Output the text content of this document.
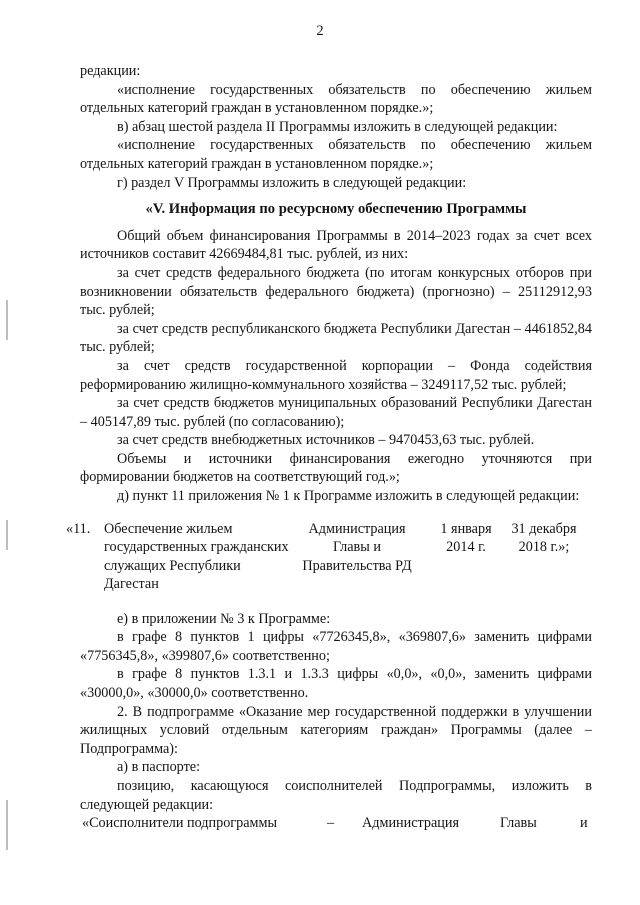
2

редакции:

«исполнение государственных обязательств по обеспечению жильем отдельных категорий граждан в установленном порядке.»;

в) абзац шестой раздела II Программы изложить в следующей редакции:

«исполнение государственных обязательств по обеспечению жильем отдельных категорий граждан в установленном порядке.»;

г) раздел V Программы изложить в следующей редакции:

«V. Информация по ресурсному обеспечению Программы

Общий объем финансирования Программы в 2014–2023 годах за счет всех источников составит 42669484,81 тыс. рублей, из них:

за счет средств федерального бюджета (по итогам конкурсных отборов при возникновении обязательств федерального бюджета) (прогнозно) – 25112912,93 тыс. рублей;

за счет средств республиканского бюджета Республики Дагестан – 4461852,84 тыс. рублей;

за счет средств государственной корпорации – Фонда содействия реформированию жилищно-коммунального хозяйства – 3249117,52 тыс. рублей;

за счет средств бюджетов муниципальных образований Республики Дагестан – 405147,89 тыс. рублей (по согласованию);

за счет средств внебюджетных источников – 9470453,63 тыс. рублей.

Объемы и источники финансирования ежегодно уточняются при формировании бюджетов на соответствующий год.»;

д) пункт 11 приложения № 1 к Программе изложить в следующей редакции:

«11. Обеспечение жильем государственных гражданских служащих Республики Дагестан
Администрация Главы и Правительства РД
1 января 2014 г.
31 декабря 2018 г.»;

е) в приложении № 3 к Программе:

в графе 8 пунктов 1 цифры «7726345,8», «369807,6» заменить цифрами «7756345,8», «399807,6» соответственно;

в графе 8 пунктов 1.3.1 и 1.3.3 цифры «0,0», «0,0», заменить цифрами «30000,0», «30000,0» соответственно.

2. В подпрограмме «Оказание мер государственной поддержки в улучшении жилищных условий отдельным категориям граждан» Программы (далее – Подпрограмма):

а) в паспорте:

позицию, касающуюся соисполнителей Подпрограммы, изложить в следующей редакции:

«Соисполнители подпрограммы	– Администрация	Главы	и
